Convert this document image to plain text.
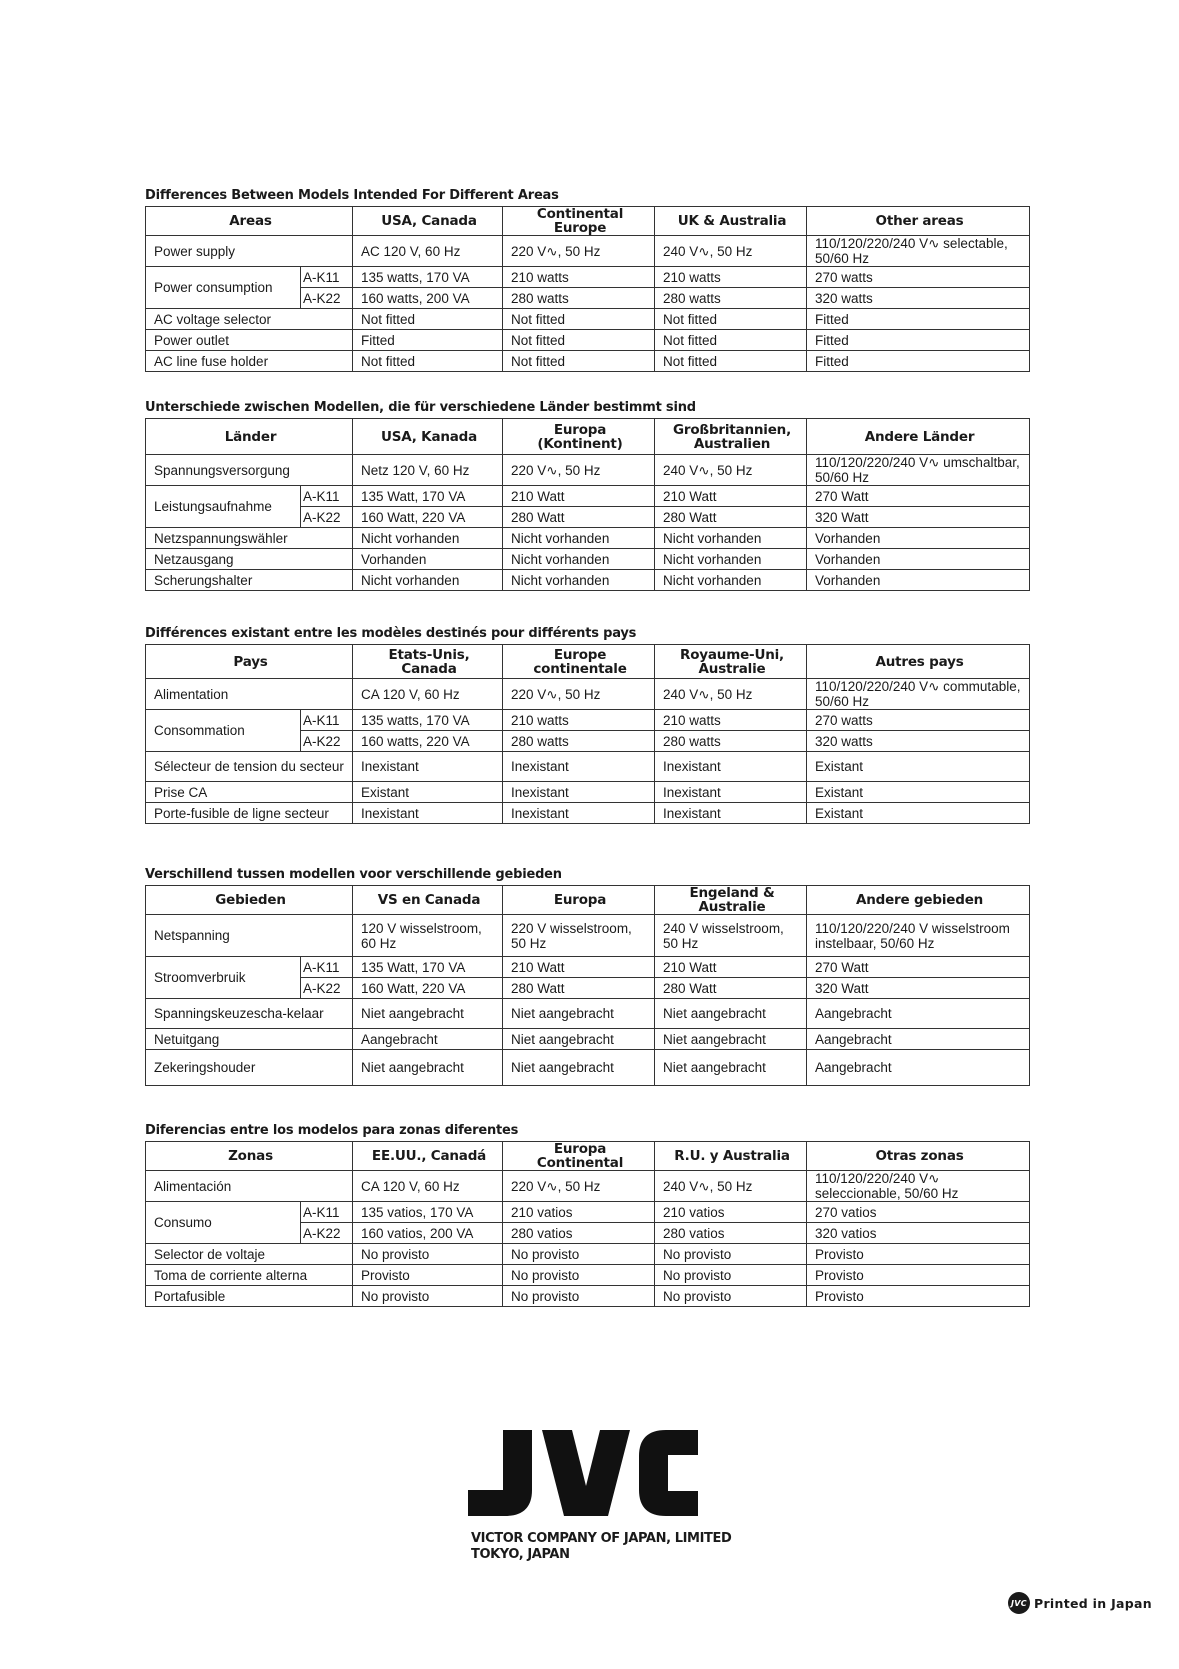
Differences Between Models Intended For Different Areas
Areas		USA, Canada	Continental Europe	UK & Australia	Other areas
Power supply		AC 120 V, 60 Hz	220 V∿, 50 Hz	240 V∿, 50 Hz	110/120/220/240 V∿ selectable, 50/60 Hz
Power consumption	A-K11	135 watts, 170 VA	210 watts	210 watts	270 watts
	A-K22	160 watts, 200 VA	280 watts	280 watts	320 watts
AC voltage selector		Not fitted	Not fitted	Not fitted	Fitted
Power outlet		Fitted	Not fitted	Not fitted	Fitted
AC line fuse holder		Not fitted	Not fitted	Not fitted	Fitted
Unterschiede zwischen Modellen, die für verschiedene Länder bestimmt sind
Länder		USA, Kanada	Europa (Kontinent)	Großbritannien, Australien	Andere Länder
Spannungsversorgung		Netz 120 V, 60 Hz	220 V∿, 50 Hz	240 V∿, 50 Hz	110/120/220/240 V∿ umschaltbar, 50/60 Hz
Leistungsaufnahme	A-K11	135 Watt, 170 VA	210 Watt	210 Watt	270 Watt
	A-K22	160 Watt, 220 VA	280 Watt	280 Watt	320 Watt
Netzspannungswähler		Nicht vorhanden	Nicht vorhanden	Nicht vorhanden	Vorhanden
Netzausgang		Vorhanden	Nicht vorhanden	Nicht vorhanden	Vorhanden
Scherungshalter		Nicht vorhanden	Nicht vorhanden	Nicht vorhanden	Vorhanden
Différences existant entre les modèles destinés pour différents pays
Pays		Etats-Unis, Canada	Europe continentale	Royaume-Uni, Australie	Autres pays
Alimentation		CA 120 V, 60 Hz	220 V∿, 50 Hz	240 V∿, 50 Hz	110/120/220/240 V∿ commutable, 50/60 Hz
Consommation	A-K11	135 watts, 170 VA	210 watts	210 watts	270 watts
	A-K22	160 watts, 220 VA	280 watts	280 watts	320 watts
Sélecteur de tension du secteur		Inexistant	Inexistant	Inexistant	Existant
Prise CA		Existant	Inexistant	Inexistant	Existant
Porte-fusible de ligne secteur		Inexistant	Inexistant	Inexistant	Existant
Verschillend tussen modellen voor verschillende gebieden
Gebieden		VS en Canada	Europa	Engeland & Australie	Andere gebieden
Netspanning		120 V wisselstroom, 60 Hz	220 V wisselstroom, 50 Hz	240 V wisselstroom, 50 Hz	110/120/220/240 V wisselstroom instelbaar, 50/60 Hz
Stroomverbruik	A-K11	135 Watt, 170 VA	210 Watt	210 Watt	270 Watt
	A-K22	160 Watt, 220 VA	280 Watt	280 Watt	320 Watt
Spanningskeuzescha-kelaar		Niet aangebracht	Niet aangebracht	Niet aangebracht	Aangebracht
Netuitgang		Aangebracht	Niet aangebracht	Niet aangebracht	Aangebracht
Zekeringshouder		Niet aangebracht	Niet aangebracht	Niet aangebracht	Aangebracht
Diferencias entre los modelos para zonas diferentes
Zonas		EE.UU., Canadá	Europa Continental	R.U. y Australia	Otras zonas
Alimentación		CA 120 V, 60 Hz	220 V∿, 50 Hz	240 V∿, 50 Hz	110/120/220/240 V∿ seleccionable, 50/60 Hz
Consumo	A-K11	135 vatios, 170 VA	210 vatios	210 vatios	270 vatios
	A-K22	160 vatios, 200 VA	280 vatios	280 vatios	320 vatios
Selector de voltaje		No provisto	No provisto	No provisto	Provisto
Toma de corriente alterna		Provisto	No provisto	No provisto	Provisto
Portafusible		No provisto	No provisto	No provisto	Provisto
VICTOR COMPANY OF JAPAN, LIMITED
TOKYO, JAPAN
JVC Printed in Japan
